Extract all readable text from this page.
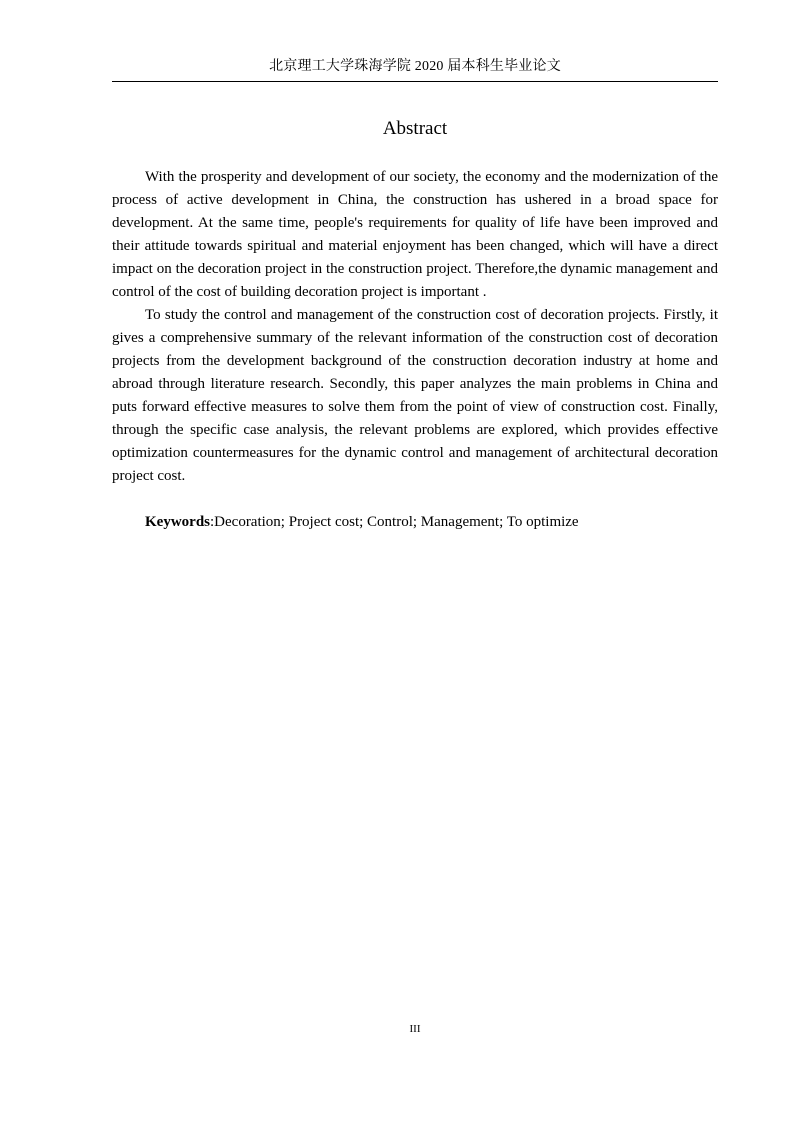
北京理工大学珠海学院 2020 届本科生毕业论文
Abstract

With the prosperity and development of our society, the economy and the modernization of the process of active development in China, the construction has ushered in a broad space for development. At the same time, people's requirements for quality of life have been improved and their attitude towards spiritual and material enjoyment has been changed, which will have a direct impact on the decoration project in the construction project. Therefore,the dynamic management and control of the cost of building decoration project is important .

To study the control and management of the construction cost of decoration projects. Firstly, it gives a comprehensive summary of the relevant information of the construction cost of decoration projects from the development background of the construction decoration industry at home and abroad through literature research. Secondly, this paper analyzes the main problems in China and puts forward effective measures to solve them from the point of view of construction cost. Finally, through the specific case analysis, the relevant problems are explored, which provides effective optimization countermeasures for the dynamic control and management of architectural decoration project cost.

Keywords:Decoration; Project cost; Control; Management; To optimize

III
